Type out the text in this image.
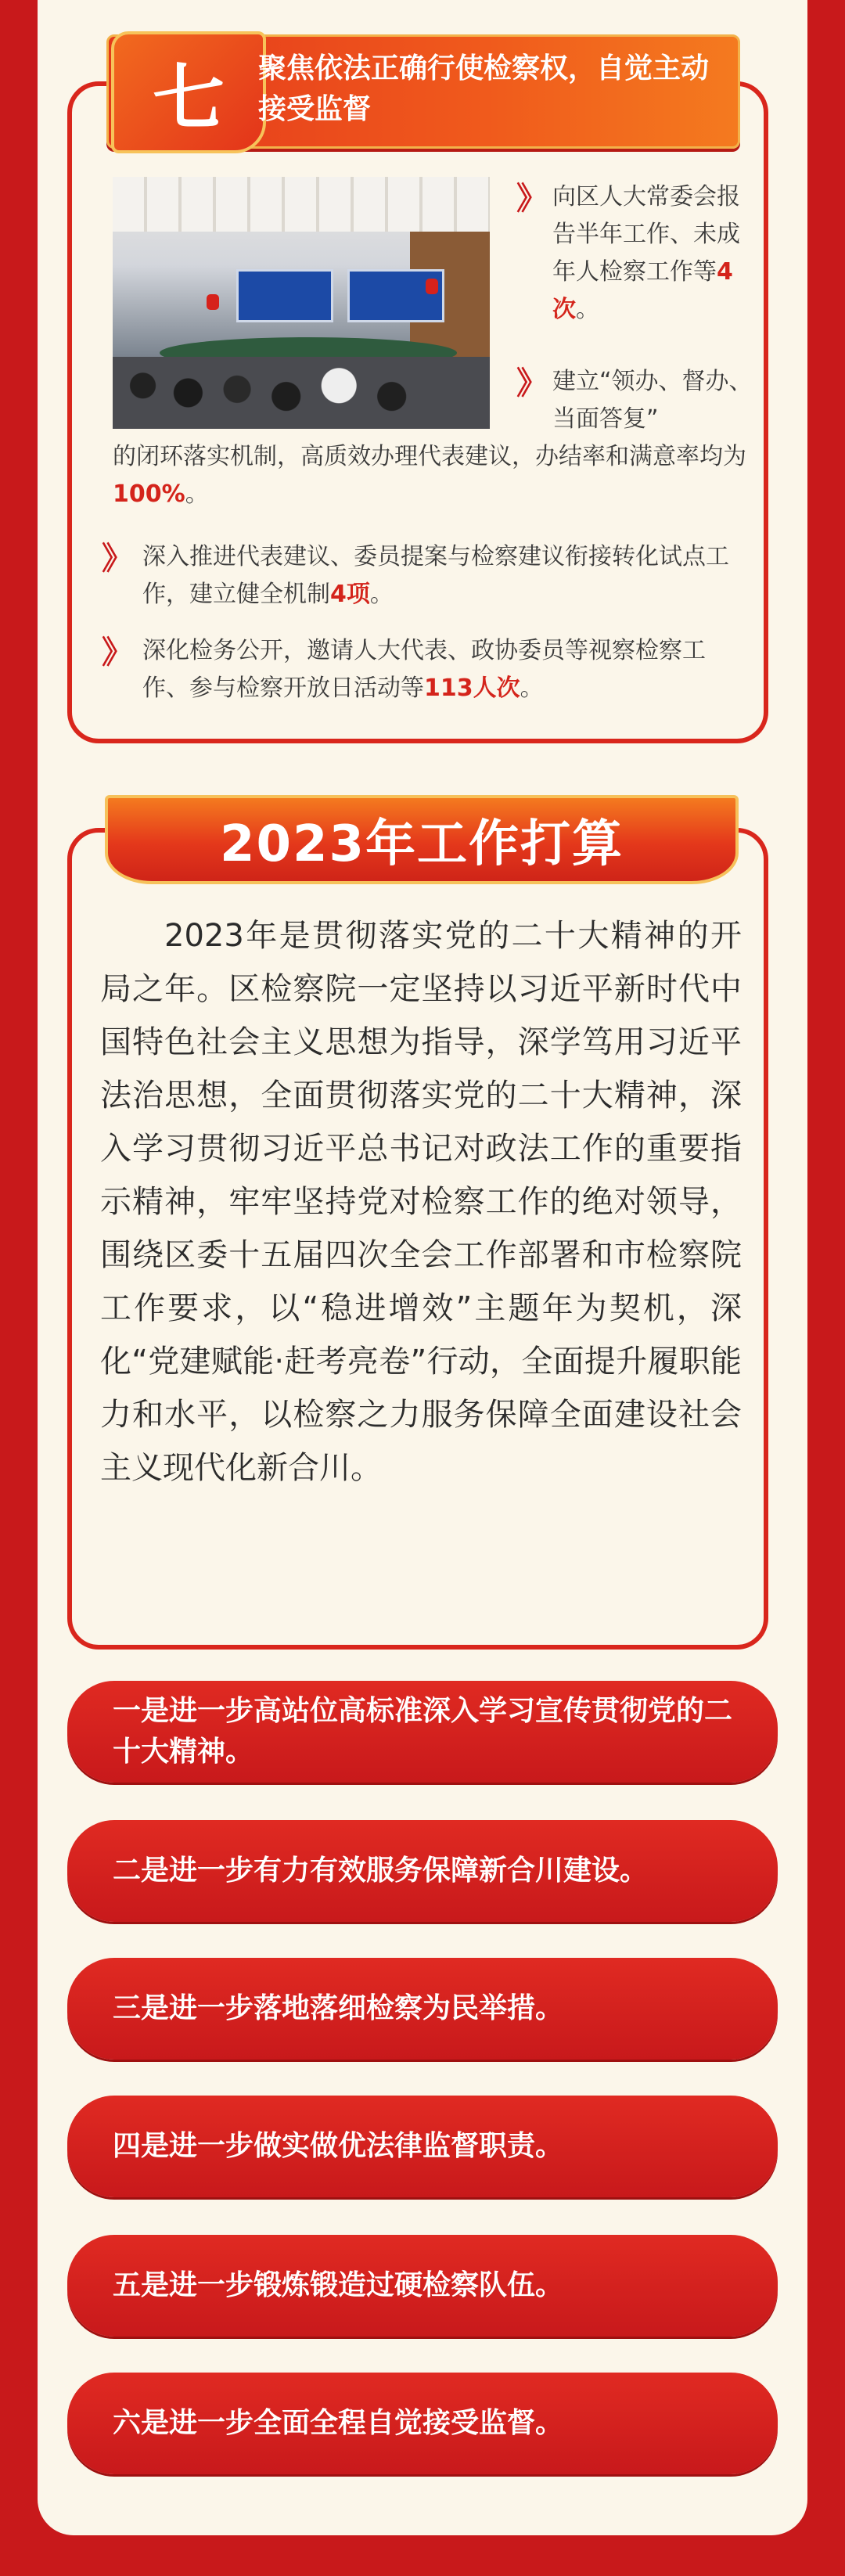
七	聚焦依法正确行使检察权，自觉主动接受监督
》 向区人大常委会报告半年工作、未成年人检察工作等4次。
》 建立“领办、督办、当面答复”
的闭环落实机制，高质效办理代表建议，办结率和满意率均为100%。
》 深入推进代表建议、委员提案与检察建议衔接转化试点工作，建立健全机制4项。
》 深化检务公开，邀请人大代表、政协委员等视察检察工作、参与检察开放日活动等113人次。
2023年工作打算
2023年是贯彻落实党的二十大精神的开局之年。区检察院一定坚持以习近平新时代中国特色社会主义思想为指导，深学笃用习近平法治思想，全面贯彻落实党的二十大精神，深入学习贯彻习近平总书记对政法工作的重要指示精神，牢牢坚持党对检察工作的绝对领导，围绕区委十五届四次全会工作部署和市检察院工作要求，以“稳进增效”主题年为契机，深化“党建赋能·赶考亮卷”行动，全面提升履职能力和水平，以检察之力服务保障全面建设社会主义现代化新合川。
一是进一步高站位高标准深入学习宣传贯彻党的二十大精神。
二是进一步有力有效服务保障新合川建设。
三是进一步落地落细检察为民举措。
四是进一步做实做优法律监督职责。
五是进一步锻炼锻造过硬检察队伍。
六是进一步全面全程自觉接受监督。
